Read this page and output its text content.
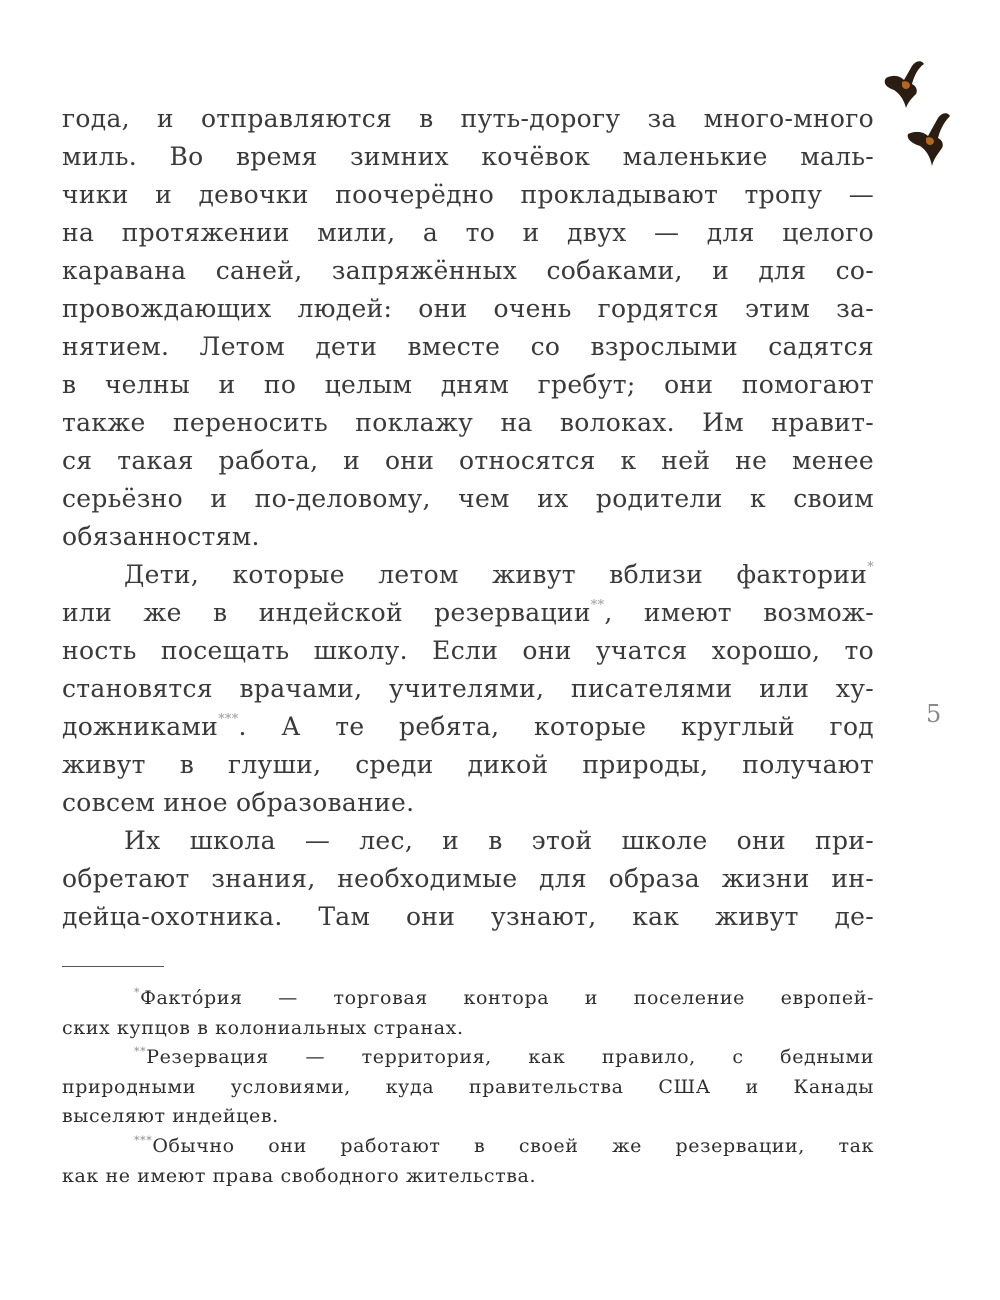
года, и отправляются в путь-дорогу за много-много
миль. Во время зимних кочёвок маленькие маль-
чики и девочки поочерёдно прокладывают тропу —
на протяжении мили, а то и двух — для целого
каравана саней, запряжённых собаками, и для со-
провождающих людей: они очень гордятся этим за-
нятием. Летом дети вместе со взрослыми садятся
в челны и по целым дням гребут; они помогают
также переносить поклажу на волоках. Им нравит-
ся такая работа, и они относятся к ней не менее
серьёзно и по-деловому, чем их родители к своим
обязанностям.
Дети, которые летом живут вблизи фактории*
или же в индейской резервации**, имеют возмож-
ность посещать школу. Если они учатся хорошо, то
становятся врачами, учителями, писателями или ху-
дожниками***. А те ребята, которые круглый год
живут в глуши, среди дикой природы, получают
совсем иное образование.
Их школа — лес, и в этой школе они при-
обретают знания, необходимые для образа жизни ин-
дейца-охотника. Там они узнают, как живут де-
5
*Факто́рия — торговая контора и поселение европей-
ских купцов в колониальных странах.
**Резервация — территория, как правило, с бедными
природными условиями, куда правительства США и Канады
выселяют индейцев.
***Обычно они работают в своей же резервации, так
как не имеют права свободного жительства.
